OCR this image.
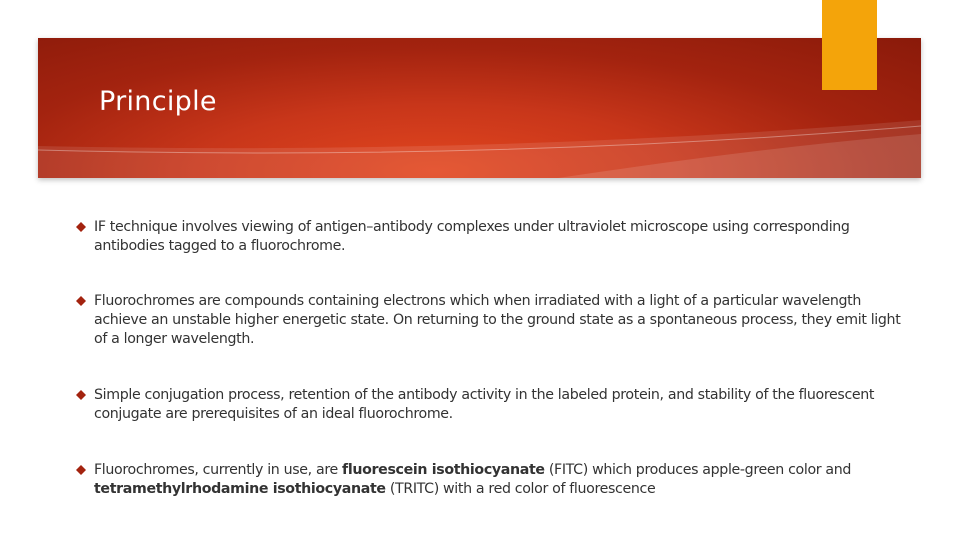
Principle
IF technique involves viewing of antigen–antibody complexes under ultraviolet microscope using corresponding antibodies tagged to a fluorochrome.
Fluorochromes are compounds containing electrons which when irradiated with a light of a particular wavelength achieve an unstable higher energetic state. On returning to the ground state as a spontaneous process, they emit light of a longer wavelength.
Simple conjugation process, retention of the antibody activity in the labeled protein, and stability of the fluorescent conjugate are prerequisites of an ideal fluorochrome.
Fluorochromes, currently in use, are fluorescein isothiocyanate (FITC) which produces apple-green color and tetramethylrhodamine isothiocyanate (TRITC) with a red color of fluorescence
